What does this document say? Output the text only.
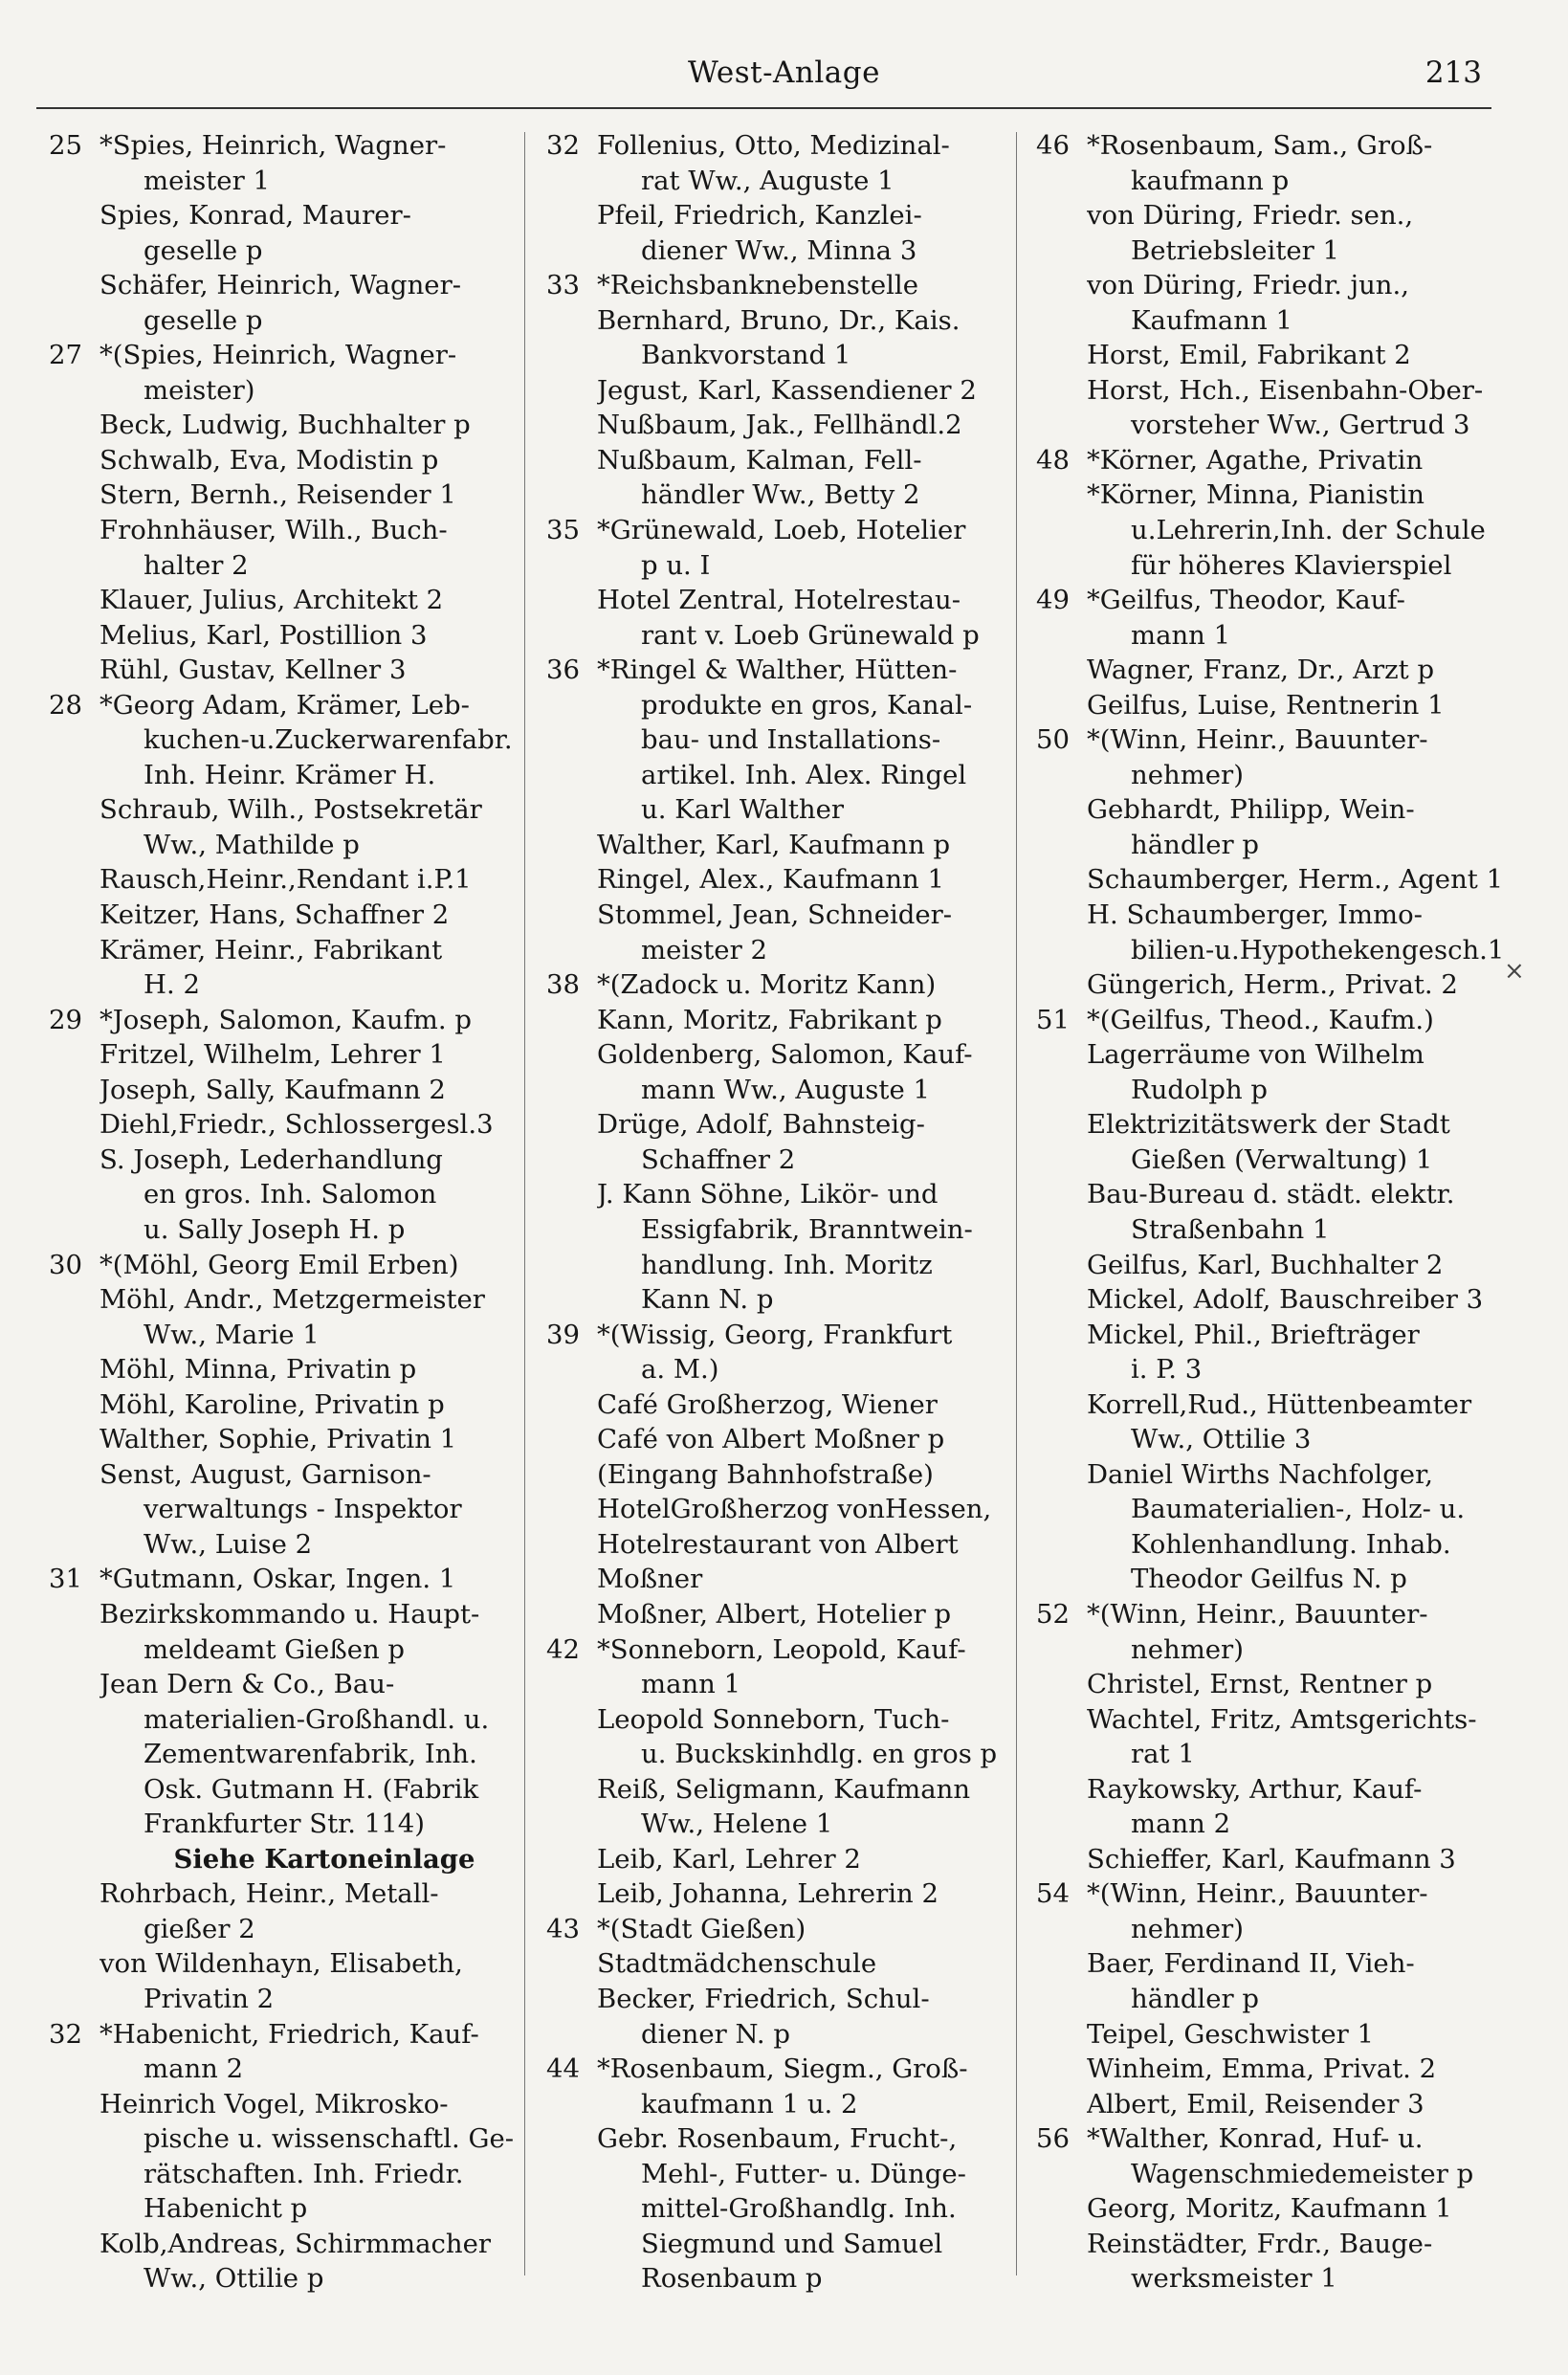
West-Anlage	213
25 *Spies, Heinrich, Wagner-
meister 1
Spies, Konrad, Maurer-
geselle p
Schäfer, Heinrich, Wagner-
geselle p
27 *(Spies, Heinrich, Wagner-
meister)
Beck, Ludwig, Buchhalter p
Schwalb, Eva, Modistin p
Stern, Bernh., Reisender 1
Frohnhäuser, Wilh., Buch-
halter 2
Klauer, Julius, Architekt 2
Melius, Karl, Postillion 3
Rühl, Gustav, Kellner 3
28 *Georg Adam, Krämer, Leb-
kuchen-u.Zuckerwarenfabr.
Inh. Heinr. Krämer H.
Schraub, Wilh., Postsekretär
Ww., Mathilde p
Rausch,Heinr.,Rendant i.P.1
Keitzer, Hans, Schaffner 2
Krämer, Heinr., Fabrikant
H. 2
29 *Joseph, Salomon, Kaufm. p
Fritzel, Wilhelm, Lehrer 1
Joseph, Sally, Kaufmann 2
Diehl,Friedr., Schlossergesl.3
S. Joseph, Lederhandlung
en gros. Inh. Salomon
u. Sally Joseph H. p
30 *(Möhl, Georg Emil Erben)
Möhl, Andr., Metzgermeister
Ww., Marie 1
Möhl, Minna, Privatin p
Möhl, Karoline, Privatin p
Walther, Sophie, Privatin 1
Senst, August, Garnison-
verwaltungs - Inspektor
Ww., Luise 2
31 *Gutmann, Oskar, Ingen. 1
Bezirkskommando u. Haupt-
meldeamt Gießen p
Jean Dern & Co., Bau-
materialien-Großhandl. u.
Zementwarenfabrik, Inh.
Osk. Gutmann H. (Fabrik
Frankfurter Str. 114)
Siehe Kartoneinlage
Rohrbach, Heinr., Metall-
gießer 2
von Wildenhayn, Elisabeth,
Privatin 2
32 *Habenicht, Friedrich, Kauf-
mann 2
Heinrich Vogel, Mikrosko-
pische u. wissenschaftl. Ge-
rätschaften. Inh. Friedr.
Habenicht p
Kolb,Andreas, Schirmmacher
Ww., Ottilie p
32 Follenius, Otto, Medizinal-
rat Ww., Auguste 1
Pfeil, Friedrich, Kanzlei-
diener Ww., Minna 3
33 *Reichsbanknebenstelle
Bernhard, Bruno, Dr., Kais.
Bankvorstand 1
Jegust, Karl, Kassendiener 2
Nußbaum, Jak., Fellhändl.2
Nußbaum, Kalman, Fell-
händler Ww., Betty 2
35 *Grünewald, Loeb, Hotelier
p u. I
Hotel Zentral, Hotelrestau-
rant v. Loeb Grünewald p
36 *Ringel & Walther, Hütten-
produkte en gros, Kanal-
bau- und Installations-
artikel. Inh. Alex. Ringel
u. Karl Walther
Walther, Karl, Kaufmann p
Ringel, Alex., Kaufmann 1
Stommel, Jean, Schneider-
meister 2
38 *(Zadock u. Moritz Kann)
Kann, Moritz, Fabrikant p
Goldenberg, Salomon, Kauf-
mann Ww., Auguste 1
Drüge, Adolf, Bahnsteig-
Schaffner 2
J. Kann Söhne, Likör- und
Essigfabrik, Branntwein-
handlung. Inh. Moritz
Kann N. p
39 *(Wissig, Georg, Frankfurt
a. M.)
Café Großherzog, Wiener
Café von Albert Moßner p
(Eingang Bahnhofstraße)
HotelGroßherzog vonHessen,
Hotelrestaurant von Albert
Moßner
Moßner, Albert, Hotelier p
42 *Sonneborn, Leopold, Kauf-
mann 1
Leopold Sonneborn, Tuch-
u. Buckskinhdlg. en gros p
Reiß, Seligmann, Kaufmann
Ww., Helene 1
Leib, Karl, Lehrer 2
Leib, Johanna, Lehrerin 2
43 *(Stadt Gießen)
Stadtmädchenschule
Becker, Friedrich, Schul-
diener N. p
44 *Rosenbaum, Siegm., Groß-
kaufmann 1 u. 2
Gebr. Rosenbaum, Frucht-,
Mehl-, Futter- u. Dünge-
mittel-Großhandlg. Inh.
Siegmund und Samuel
Rosenbaum p
46 *Rosenbaum, Sam., Groß-
kaufmann p
von Düring, Friedr. sen.,
Betriebsleiter 1
von Düring, Friedr. jun.,
Kaufmann 1
Horst, Emil, Fabrikant 2
Horst, Hch., Eisenbahn-Ober-
vorsteher Ww., Gertrud 3
48 *Körner, Agathe, Privatin
*Körner, Minna, Pianistin
u.Lehrerin,Inh. der Schule
für höheres Klavierspiel
49 *Geilfus, Theodor, Kauf-
mann 1
Wagner, Franz, Dr., Arzt p
Geilfus, Luise, Rentnerin 1
50 *(Winn, Heinr., Bauunter-
nehmer)
Gebhardt, Philipp, Wein-
händler p
Schaumberger, Herm., Agent 1
H. Schaumberger, Immo-
bilien-u.Hypothekengesch.1
Güngerich, Herm., Privat. 2
51 *(Geilfus, Theod., Kaufm.)
Lagerräume von Wilhelm
Rudolph p
Elektrizitätswerk der Stadt
Gießen (Verwaltung) 1
Bau-Bureau d. städt. elektr.
Straßenbahn 1
Geilfus, Karl, Buchhalter 2
Mickel, Adolf, Bauschreiber 3
Mickel, Phil., Briefträger
i. P. 3
Korrell,Rud., Hüttenbeamter
Ww., Ottilie 3
Daniel Wirths Nachfolger,
Baumaterialien-, Holz- u.
Kohlenhandlung. Inhab.
Theodor Geilfus N. p
52 *(Winn, Heinr., Bauunter-
nehmer)
Christel, Ernst, Rentner p
Wachtel, Fritz, Amtsgerichts-
rat 1
Raykowsky, Arthur, Kauf-
mann 2
Schieffer, Karl, Kaufmann 3
54 *(Winn, Heinr., Bauunter-
nehmer)
Baer, Ferdinand II, Vieh-
händler p
Teipel, Geschwister 1
Winheim, Emma, Privat. 2
Albert, Emil, Reisender 3
56 *Walther, Konrad, Huf- u.
Wagenschmiedemeister p
Georg, Moritz, Kaufmann 1
Reinstädter, Frdr., Bauge-
werksmeister 1
×
